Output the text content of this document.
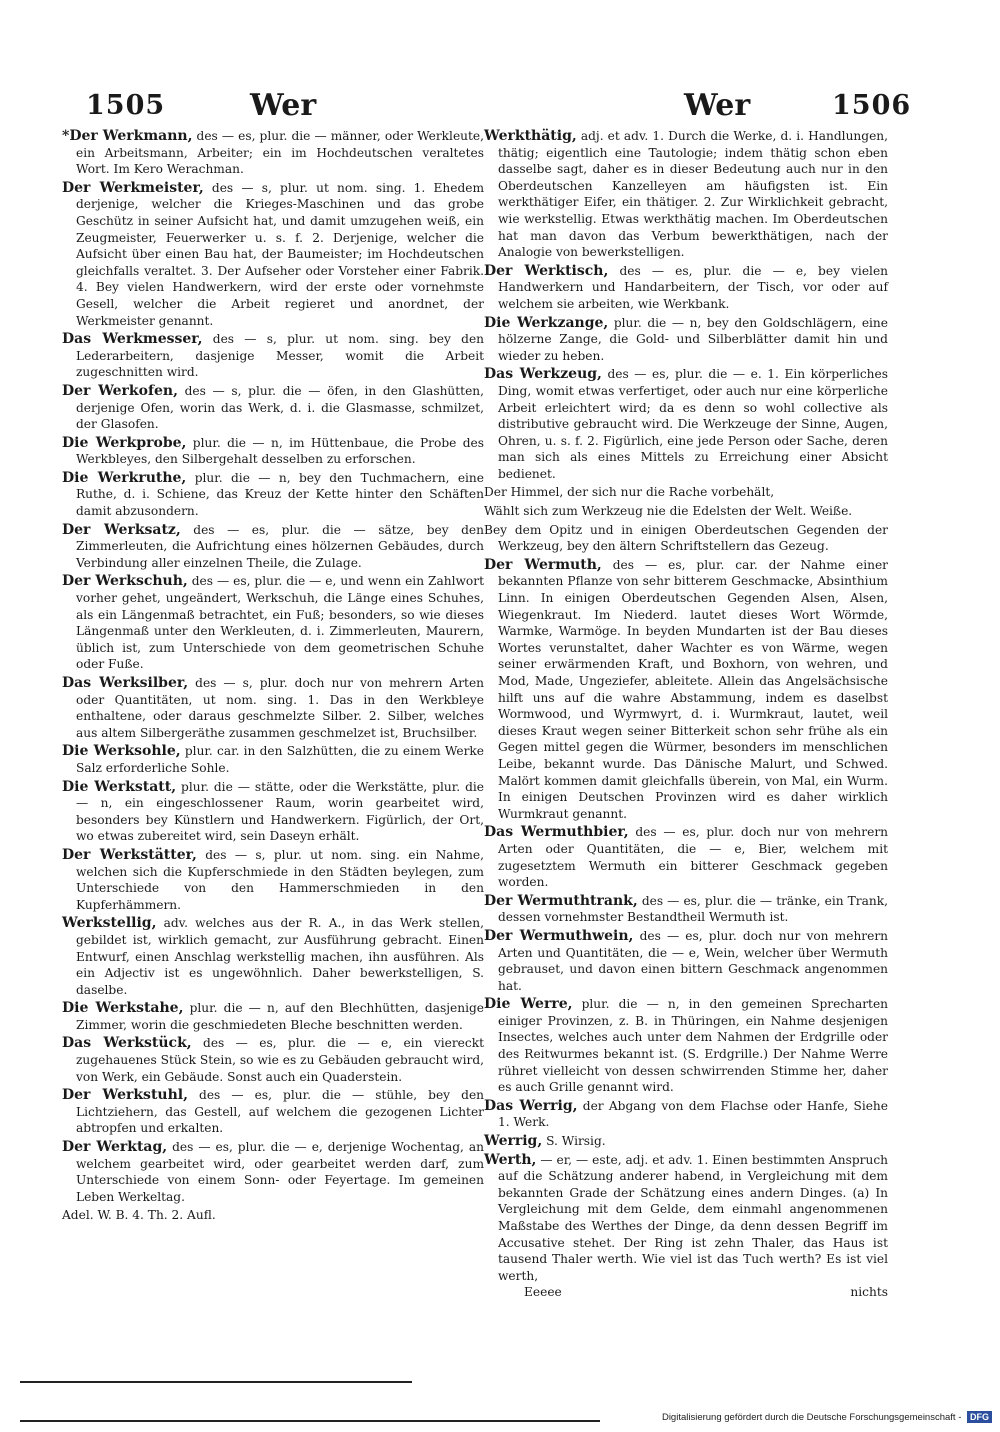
1505	Wer	Wer	1506

*Der Werkmann, des — es, plur. die — männer, oder Werkleute, ein Arbeitsmann, Arbeiter; ein im Hochdeutschen veraltetes Wort. Im Kero Werachman.

Der Werkmeister, des — s, plur. ut nom. sing. 1. Ehedem derjenige, welcher die Krieges-Maschinen und das grobe Geschütz in seiner Aufsicht hat, und damit umzugehen weiß, ein Zeugmeister, Feuerwerker u. s. f. 2. Derjenige, welcher die Aufsicht über einen Bau hat, der Baumeister; im Hochdeutschen gleichfalls veraltet. 3. Der Aufseher oder Vorsteher einer Fabrik. 4. Bey vielen Handwerkern, wird der erste oder vornehmste Gesell, welcher die Arbeit regieret und anordnet, der Werkmeister genannt.

Das Werkmesser, des — s, plur. ut nom. sing. bey den Lederarbeitern, dasjenige Messer, womit die Arbeit zugeschnitten wird.

Der Werkofen, des — s, plur. die — öfen, in den Glashütten, derjenige Ofen, worin das Werk, d. i. die Glasmasse, schmilzet, der Glasofen.

Die Werkprobe, plur. die — n, im Hüttenbaue, die Probe des Werkbleyes, den Silbergehalt desselben zu erforschen.

Die Werkruthe, plur. die — n, bey den Tuchmachern, eine Ruthe, d. i. Schiene, das Kreuz der Kette hinter den Schäften damit abzusondern.

Der Werksatz, des — es, plur. die — sätze, bey den Zimmerleuten, die Aufrichtung eines hölzernen Gebäudes, durch Verbindung aller einzelnen Theile, die Zulage.

Der Werkschuh, des — es, plur. die — e, und wenn ein Zahlwort vorher gehet, ungeändert, Werkschuh, die Länge eines Schuhes, als ein Längenmaß betrachtet, ein Fuß; besonders, so wie dieses Längenmaß unter den Werkleuten, d. i. Zimmerleuten, Maurern, üblich ist, zum Unterschiede von dem geometrischen Schuhe oder Fuße.

Das Werksilber, des — s, plur. doch nur von mehrern Arten oder Quantitäten, ut nom. sing. 1. Das in den Werkbleye enthaltene, oder daraus geschmelzte Silber. 2. Silber, welches aus altem Silbergeräthe zusammen geschmelzet ist, Bruchsilber.

Die Werksohle, plur. car. in den Salzhütten, die zu einem Werke Salz erforderliche Sohle.

Die Werkstatt, plur. die — stätte, oder die Werkstätte, plur. die — n, ein eingeschlossener Raum, worin gearbeitet wird, besonders bey Künstlern und Handwerkern. Figürlich, der Ort, wo etwas zubereitet wird, sein Daseyn erhält.

Der Werkstätter, des — s, plur. ut nom. sing. ein Nahme, welchen sich die Kupferschmiede in den Städten beylegen, zum Unterschiede von den Hammerschmieden in den Kupferhämmern.

Werkstellig, adv. welches aus der R. A., in das Werk stellen, gebildet ist, wirklich gemacht, zur Ausführung gebracht. Einen Entwurf, einen Anschlag werkstellig machen, ihn ausführen. Als ein Adjectiv ist es ungewöhnlich. Daher bewerkstelligen, S. daselbe.

Die Werkstahe, plur. die — n, auf den Blechhütten, dasjenige Zimmer, worin die geschmiedeten Bleche beschnitten werden.

Das Werkstück, des — es, plur. die — e, ein viereckt zugehauenes Stück Stein, so wie es zu Gebäuden gebraucht wird, von Werk, ein Gebäude. Sonst auch ein Quaderstein.

Der Werkstuhl, des — es, plur. die — stühle, bey den Lichtziehern, das Gestell, auf welchem die gezogenen Lichter abtropfen und erkalten.

Der Werktag, des — es, plur. die — e, derjenige Wochentag, an welchem gearbeitet wird, oder gearbeitet werden darf, zum Unterschiede von einem Sonn- oder Feyertage. Im gemeinen Leben Werkeltag.

Adel. W. B. 4. Th. 2. Aufl.

Werkthätig, adj. et adv. 1. Durch die Werke, d. i. Handlungen, thätig; eigentlich eine Tautologie; indem thätig schon eben dasselbe sagt, daher es in dieser Bedeutung auch nur in den Oberdeutschen Kanzelleyen am häufigsten ist. Ein werkthätiger Eifer, ein thätiger. 2. Zur Wirklichkeit gebracht, wie werkstellig. Etwas werkthätig machen. Im Oberdeutschen hat man davon das Verbum bewerkthätigen, nach der Analogie von bewerkstelligen.

Der Werktisch, des — es, plur. die — e, bey vielen Handwerkern und Handarbeitern, der Tisch, vor oder auf welchem sie arbeiten, wie Werkbank.

Die Werkzange, plur. die — n, bey den Goldschlägern, eine hölzerne Zange, die Gold- und Silberblätter damit hin und wieder zu heben.

Das Werkzeug, des — es, plur. die — e. 1. Ein körperliches Ding, womit etwas verfertiget, oder auch nur eine körperliche Arbeit erleichtert wird; da es denn so wohl collective als distributive gebraucht wird. Die Werkzeuge der Sinne, Augen, Ohren, u. s. f. 2. Figürlich, eine jede Person oder Sache, deren man sich als eines Mittels zu Erreichung einer Absicht bedienet.

Der Himmel, der sich nur die Rache vorbehält,

Wählt sich zum Werkzeug nie die Edelsten der Welt. Weiße.

Bey dem Opitz und in einigen Oberdeutschen Gegenden der Werkzeug, bey den ältern Schriftstellern das Gezeug.

Der Wermuth, des — es, plur. car. der Nahme einer bekannten Pflanze von sehr bitterem Geschmacke, Absinthium Linn. In einigen Oberdeutschen Gegenden Alsen, Alsen, Wiegenkraut. Im Niederd. lautet dieses Wort Wörmde, Warmke, Warmöge. In beyden Mundarten ist der Bau dieses Wortes verunstaltet, daher Wachter es von Wärme, wegen seiner erwärmenden Kraft, und Boxhorn, von wehren, und Mod, Made, Ungeziefer, ableitete. Allein das Angelsächsische hilft uns auf die wahre Abstammung, indem es daselbst Wormwood, und Wyrmwyrt, d. i. Wurmkraut, lautet, weil dieses Kraut wegen seiner Bitterkeit schon sehr frühe als ein Gegen mittel gegen die Würmer, besonders im menschlichen Leibe, bekannt wurde. Das Dänische Malurt, und Schwed. Malört kommen damit gleichfalls überein, von Mal, ein Wurm. In einigen Deutschen Provinzen wird es daher wirklich Wurmkraut genannt.

Das Wermuthbier, des — es, plur. doch nur von mehrern Arten oder Quantitäten, die — e, Bier, welchem mit zugesetztem Wermuth ein bitterer Geschmack gegeben worden.

Der Wermuthtrank, des — es, plur. die — tränke, ein Trank, dessen vornehmster Bestandtheil Wermuth ist.

Der Wermuthwein, des — es, plur. doch nur von mehrern Arten und Quantitäten, die — e, Wein, welcher über Wermuth gebrauset, und davon einen bittern Geschmack angenommen hat.

Die Werre, plur. die — n, in den gemeinen Sprecharten einiger Provinzen, z. B. in Thüringen, ein Nahme desjenigen Insectes, welches auch unter dem Nahmen der Erdgrille oder des Reitwurmes bekannt ist. (S. Erdgrille.) Der Nahme Werre rühret vielleicht von dessen schwirrenden Stimme her, daher es auch Grille genannt wird.

Das Werrig, der Abgang von dem Flachse oder Hanfe, Siehe 1. Werk.

Werrig, S. Wirsig.

Werth, — er, — este, adj. et adv. 1. Einen bestimmten Anspruch auf die Schätzung anderer habend, in Vergleichung mit dem bekannten Grade der Schätzung eines andern Dinges. (a) In Vergleichung mit dem Gelde, dem einmahl angenommenen Maßstabe des Werthes der Dinge, da denn dessen Begriff im Accusative stehet. Der Ring ist zehn Thaler, das Haus ist tausend Thaler werth. Wie viel ist das Tuch werth? Es ist viel werth,

Eeeee	nichts
Digitalisierung gefördert durch die Deutsche Forschungsgemeinschaft - DFG
